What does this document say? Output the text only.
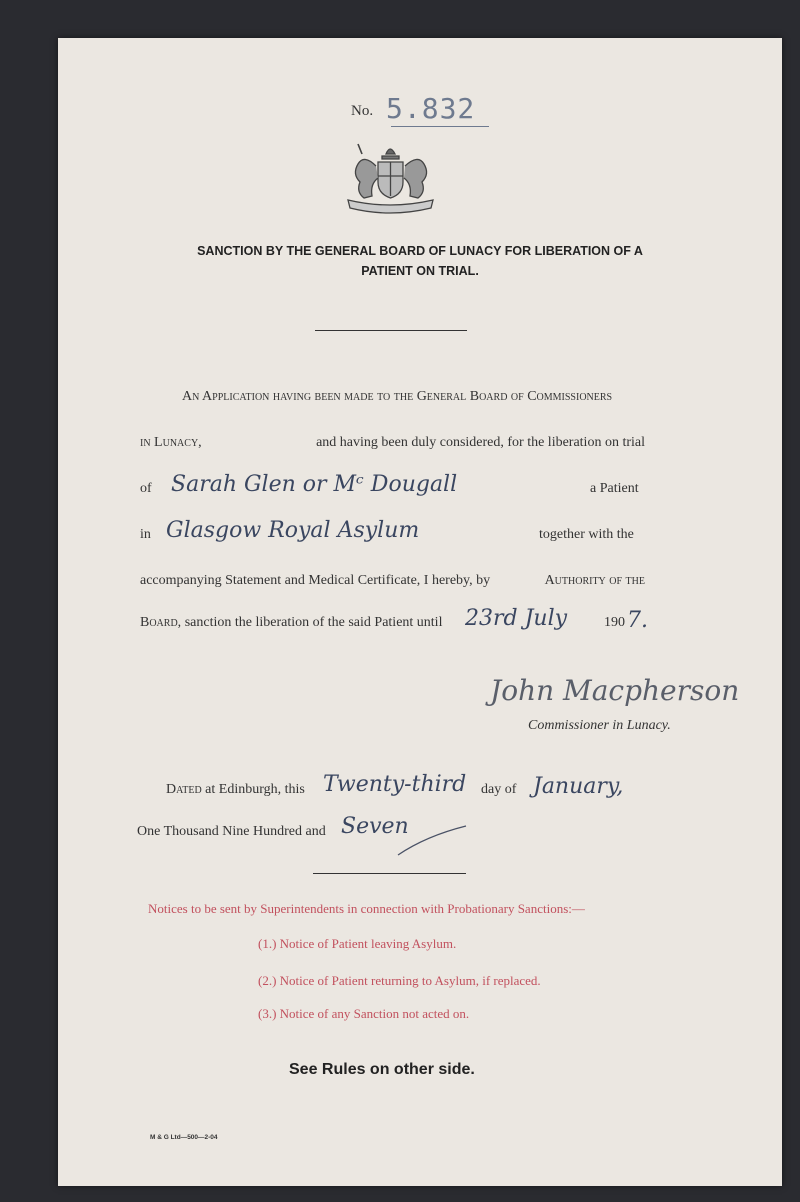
No. 5.832
SANCTION BY THE GENERAL BOARD OF LUNACY FOR LIBERATION OF A
PATIENT ON TRIAL.
An Application having been made to the General Board of Commissioners
in Lunacy,	and having been duly considered, for the liberation on trial
of Sarah Glen or Mᶜ Dougall	a Patient
in Glasgow Royal Asylum	together with the
accompanying Statement and Medical Certificate, I hereby, by	Authority of the
Board, sanction the liberation of the said Patient until 23rd July	190 7.
John Macpherson
Commissioner in Lunacy.
Dated at Edinburgh, this Twenty-third day of January,
One Thousand Nine Hundred and Seven
Notices to be sent by Superintendents in connection with Probationary Sanctions:—
(1.) Notice of Patient leaving Asylum.
(2.) Notice of Patient returning to Asylum, if replaced.
(3.) Notice of any Sanction not acted on.
See Rules on other side.
M & G Ltd—500—2-04
